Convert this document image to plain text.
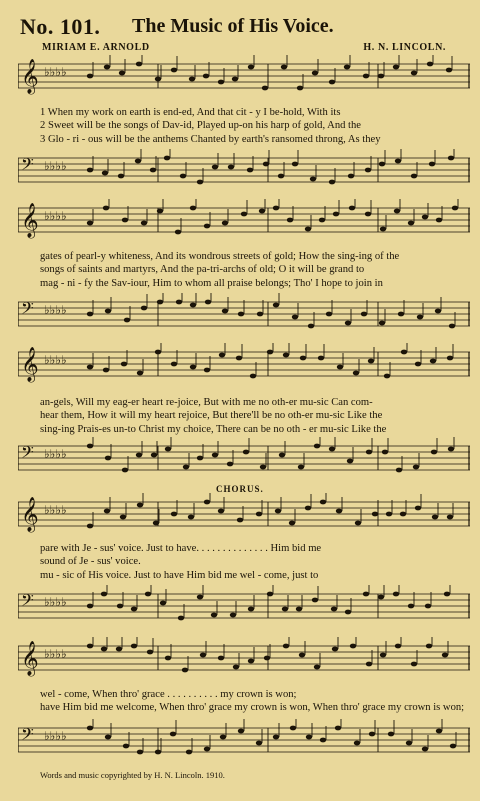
No. 101. The Music of His Voice.
MIRIAM E. ARNOLD	H. N. LINCOLN.
𝄞 ♭♭♭♭
1 When my work on earth is end-ed, And that cit - y I be-hold, With its
2 Sweet will be the songs of Dav-id, Played up-on his harp of gold, And the
3 Glo - ri - ous will be the anthems Chanted by earth's ransomed throng, As they
𝄢 ♭♭♭♭
𝄞 ♭♭♭♭
gates of pearl-y whiteness, And its wondrous streets of gold; How the sing-ing of the
songs of saints and martyrs, And the pa-tri-archs of old; O it will be grand to
mag - ni - fy the Sav-iour, Him to whom all praise belongs; Tho' I hope to join in
𝄢 ♭♭♭♭
𝄞 ♭♭♭♭
an-gels, Will my eag-er heart re-joice, But with me no oth-er mu-sic Can com-
hear them, How it will my heart rejoice, But there'll be no oth-er mu-sic Like the
sing-ing Prais-es un-to Christ my choice, There can be no oth - er mu-sic Like the
𝄢 ♭♭♭♭
CHORUS.
𝄞 ♭♭♭♭
pare with Je - sus' voice. Just to have. . . . . . . . . . . . . . Him bid me
sound of Je - sus' voice.
mu - sic of His voice. Just to have Him bid me wel - come, just to
𝄢 ♭♭♭♭
𝄞 ♭♭♭♭
wel - come, When thro' grace . . . . . . . . . . my crown is won;
have Him bid me welcome, When thro' grace my crown is won, When thro' grace my crown is won;
𝄢 ♭♭♭♭
Words and music copyrighted by H. N. Lincoln. 1910.
